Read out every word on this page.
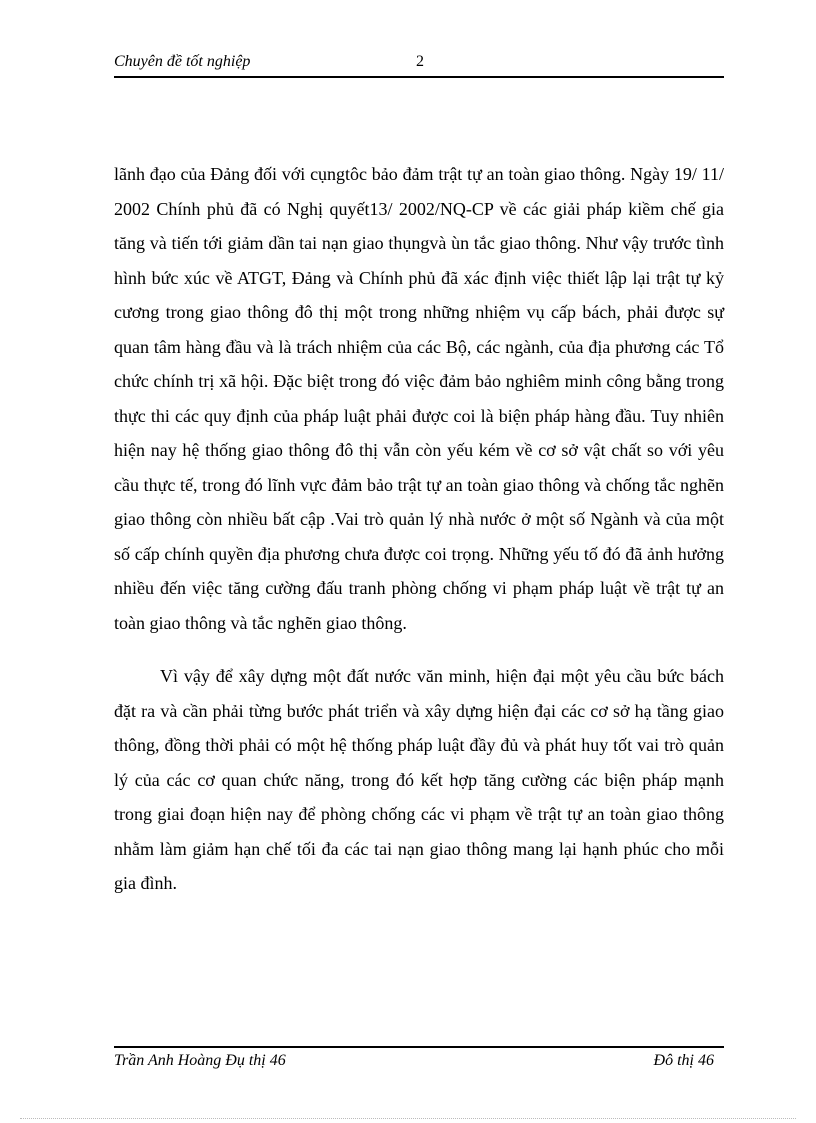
Chuyên đề tốt nghiệp	2

lãnh đạo của Đảng đối với cụngtôc bảo đảm trật tự an toàn giao thông. Ngày 19/ 11/ 2002 Chính phủ đã có Nghị quyết13/ 2002/NQ-CP về các giải pháp kiềm chế gia tăng và tiến tới giảm dần tai nạn giao thụngvà ùn tắc giao thông. Như vậy trước tình hình bức xúc về ATGT, Đảng và Chính phủ đã xác định việc thiết lập lại trật tự kỷ cương trong giao thông đô thị một trong những nhiệm vụ cấp bách, phải được sự quan tâm hàng đầu và là trách nhiệm của các Bộ, các ngành, của địa phương các Tổ chức chính trị xã hội. Đặc biệt trong đó việc đảm bảo nghiêm minh công bằng trong thực thi các quy định của pháp luật phải được coi là biện pháp hàng đầu. Tuy nhiên hiện nay hệ thống giao thông đô thị vẫn còn yếu kém về cơ sở vật chất so với yêu cầu thực tế, trong đó lĩnh vực đảm bảo trật tự an toàn giao thông và chống tắc nghẽn giao thông còn nhiều bất cập .Vai trò quản lý nhà nước ở một số Ngành và của một số cấp chính quyền địa phương chưa được coi trọng. Những yếu tố đó đã ảnh hưởng nhiều đến việc tăng cường đấu tranh phòng chống vi phạm pháp luật về trật tự an toàn giao thông và tắc nghẽn giao thông.

Vì vậy để xây dựng một đất nước văn minh, hiện đại một yêu cầu bức bách đặt ra và cần phải từng bước phát triển và xây dựng hiện đại các cơ sở hạ tầng giao thông, đồng thời phải có một hệ thống pháp luật đầy đủ và phát huy tốt vai trò quản lý của các cơ quan chức năng, trong đó kết hợp tăng cường các biện pháp mạnh trong giai đoạn hiện nay để phòng chống các vi phạm về trật tự an toàn giao thông nhằm làm giảm hạn chế tối đa các tai nạn giao thông mang lại hạnh phúc cho mỗi gia đình.

Trần Anh Hoàng Đụ thị 46	Đô thị 46
